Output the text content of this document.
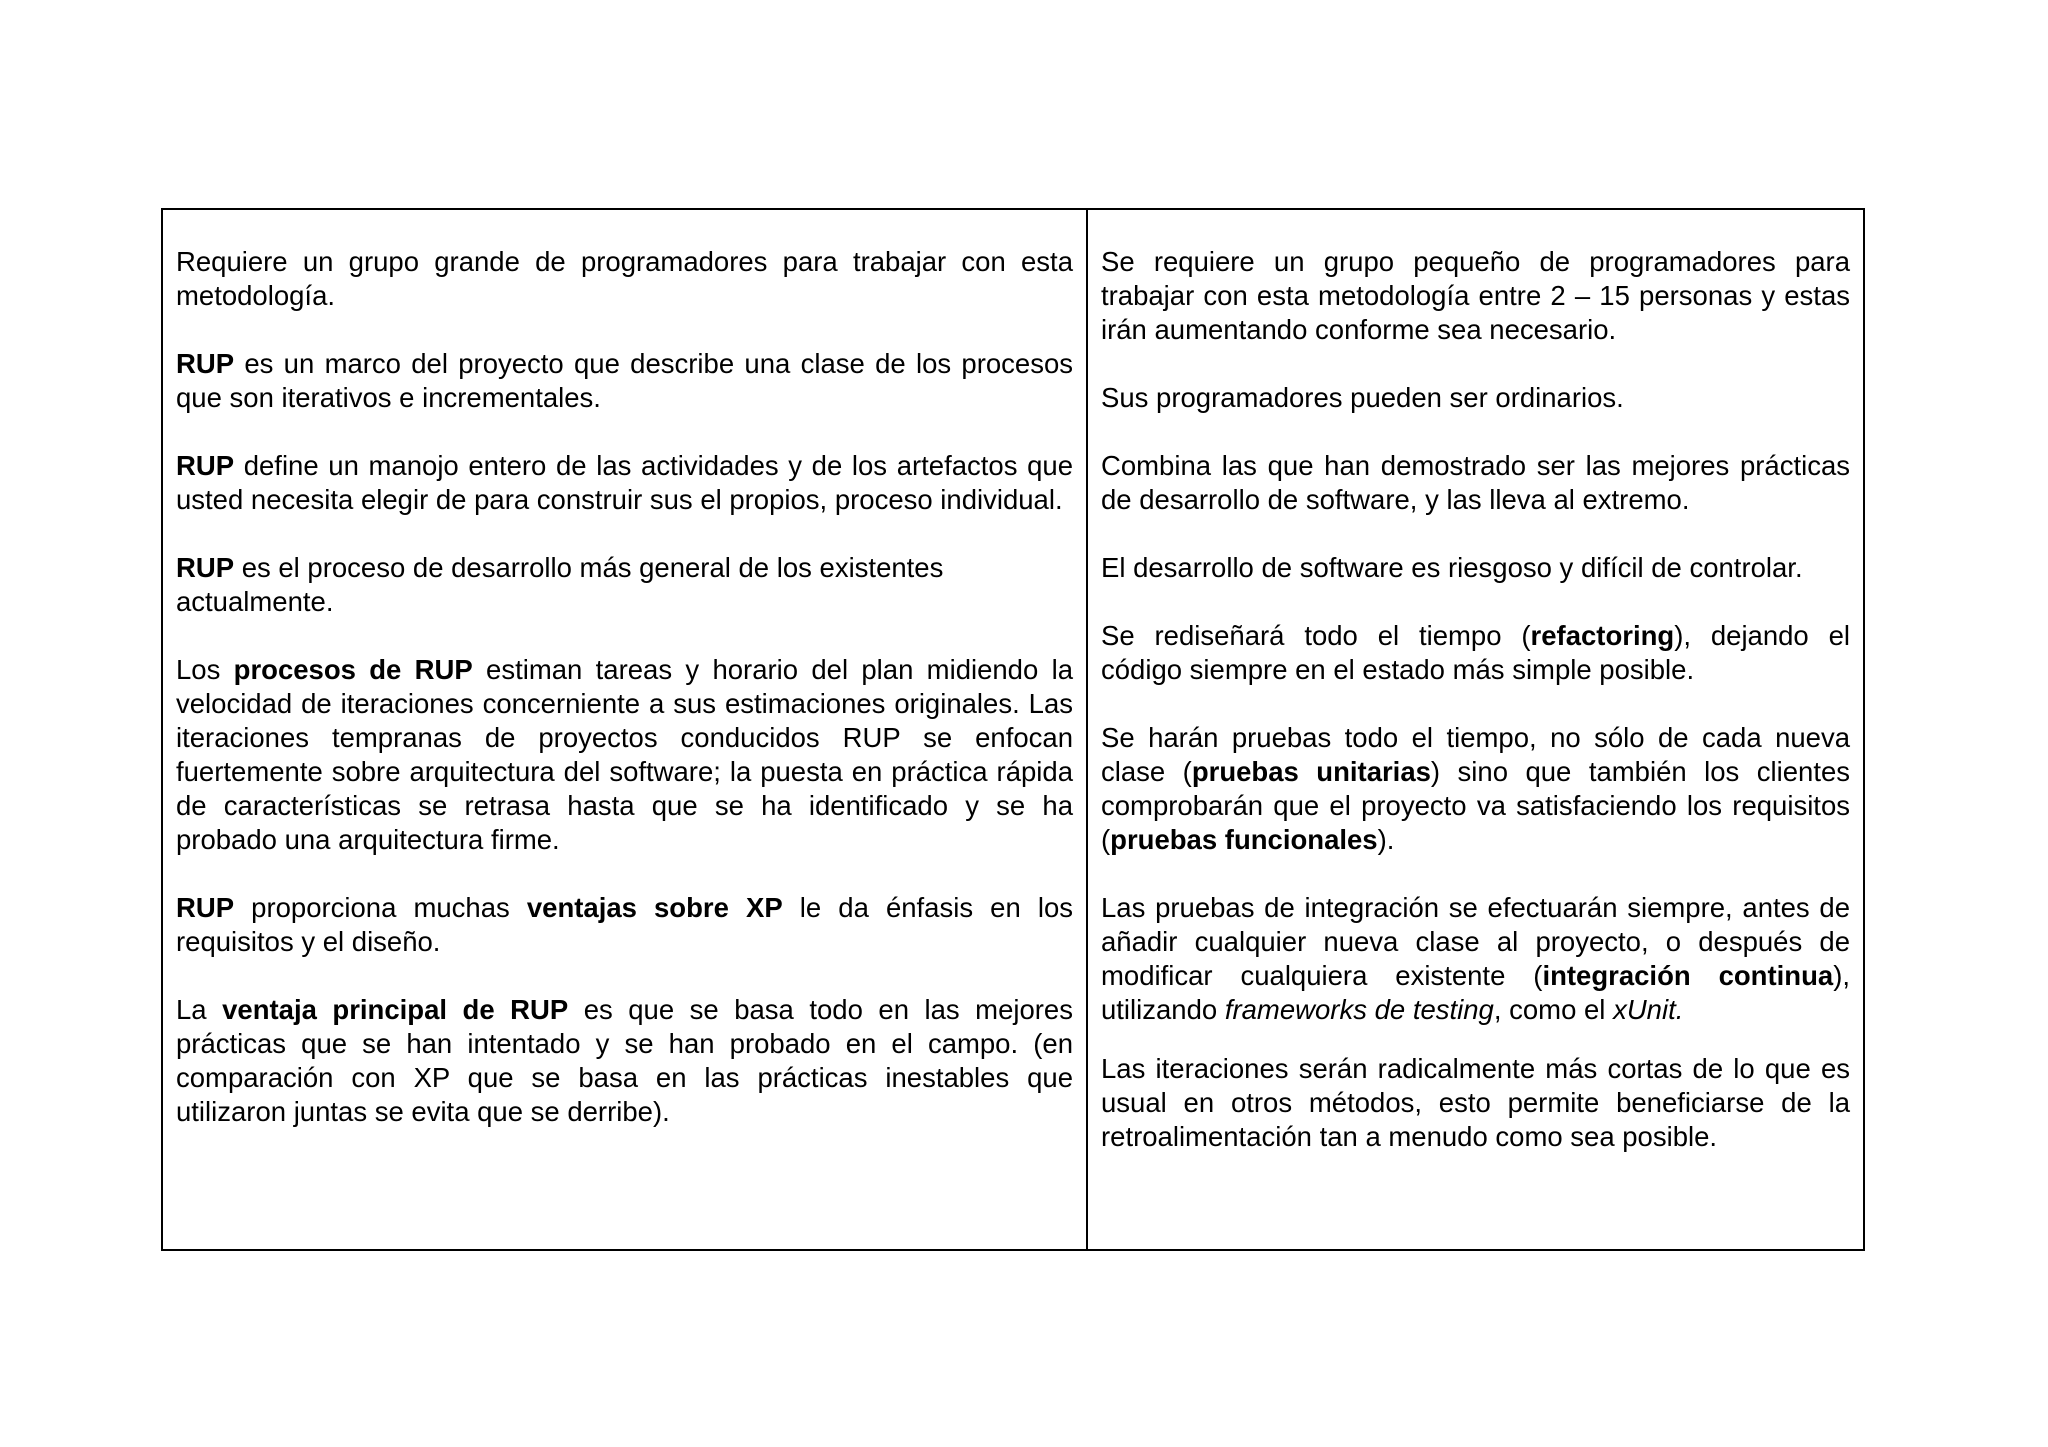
Requiere un grupo grande de programadores para trabajar con esta metodología.

RUP es un marco del proyecto que describe una clase de los procesos que son iterativos e incrementales.

RUP define un manojo entero de las actividades y de los artefactos que usted necesita elegir de para construir sus el propios, proceso individual.

RUP es el proceso de desarrollo más general de los existentes actualmente.

Los procesos de RUP estiman tareas y horario del plan midiendo la velocidad de iteraciones concerniente a sus estimaciones originales. Las iteraciones tempranas de proyectos conducidos RUP se enfocan fuertemente sobre arquitectura del software; la puesta en práctica rápida de características se retrasa hasta que se ha identificado y se ha probado una arquitectura firme.

RUP proporciona muchas ventajas sobre XP le da énfasis en los requisitos y el diseño.

La ventaja principal de RUP es que se basa todo en las mejores prácticas que se han intentado y se han probado en el campo. (en comparación con XP que se basa en las prácticas inestables que utilizaron juntas se evita que se derribe).

Se requiere un grupo pequeño de programadores para trabajar con esta metodología entre 2 – 15 personas y estas irán aumentando conforme sea necesario.

Sus programadores pueden ser ordinarios.

Combina las que han demostrado ser las mejores prácticas de desarrollo de software, y las lleva al extremo.

El desarrollo de software es riesgoso y difícil de controlar.

Se rediseñará todo el tiempo (refactoring), dejando el código siempre en el estado más simple posible.

Se harán pruebas todo el tiempo, no sólo de cada nueva clase (pruebas unitarias) sino que también los clientes comprobarán que el proyecto va satisfaciendo los requisitos (pruebas funcionales).

Las pruebas de integración se efectuarán siempre, antes de añadir cualquier nueva clase al proyecto, o después de modificar cualquiera existente (integración continua), utilizando frameworks de testing, como el xUnit.

Las iteraciones serán radicalmente más cortas de lo que es usual en otros métodos, esto permite beneficiarse de la retroalimentación tan a menudo como sea posible.
